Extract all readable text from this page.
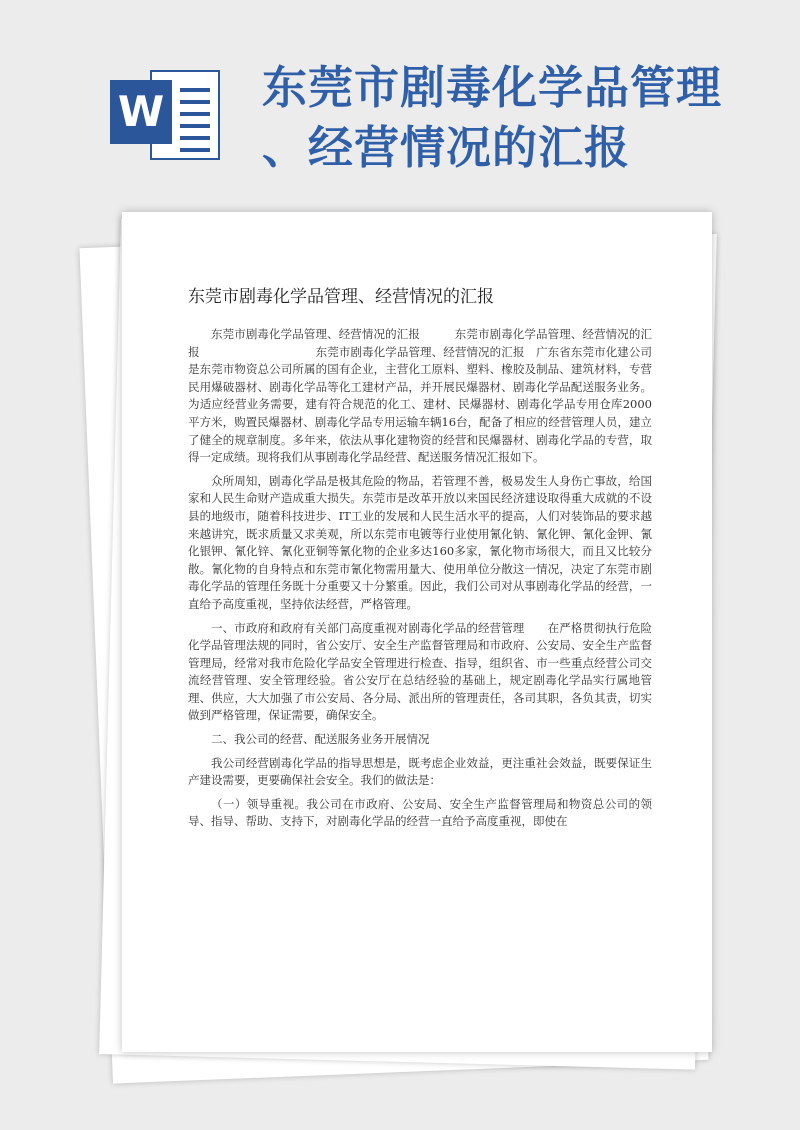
W 东莞市剧毒化学品管理
、经营情况的汇报
东莞市剧毒化学品管理、经营情况的汇报

东莞市剧毒化学品管理、经营情况的汇报　　　东莞市剧毒化学品管理、经营情况的汇报　　　　　　　　　　东莞市剧毒化学品管理、经营情况的汇报　广东省东莞市化建公司是东莞市物资总公司所属的国有企业，主营化工原料、塑料、橡胶及制品、建筑材料，专营民用爆破器材、剧毒化学品等化工建材产品，并开展民爆器材、剧毒化学品配送服务业务。为适应经营业务需要，建有符合规范的化工、建材、民爆器材、剧毒化学品专用仓库2000平方米，购置民爆器材、剧毒化学品专用运输车辆16台，配备了相应的经营管理人员，建立了健全的规章制度。多年来，依法从事化建物资的经营和民爆器材、剧毒化学品的专营，取得一定成绩。现将我们从事剧毒化学品经营、配送服务情况汇报如下。

众所周知，剧毒化学品是极其危险的物品，若管理不善，极易发生人身伤亡事故，给国家和人民生命财产造成重大损失。东莞市是改革开放以来国民经济建设取得重大成就的不设县的地级市，随着科技进步、IT工业的发展和人民生活水平的提高，人们对装饰品的要求越来越讲究，既求质量又求美观，所以东莞市电镀等行业使用氰化钠、氰化钾、氰化金钾、氰化银钾、氰化锌、氰化亚铜等氰化物的企业多达160多家，氰化物市场很大，而且又比较分散。氰化物的自身特点和东莞市氰化物需用量大、使用单位分散这一情况，决定了东莞市剧毒化学品的管理任务既十分重要又十分繁重。因此，我们公司对从事剧毒化学品的经营，一直给予高度重视，坚持依法经营，严格管理。

一、市政府和政府有关部门高度重视对剧毒化学品的经营管理　　在严格贯彻执行危险化学品管理法规的同时，省公安厅、安全生产监督管理局和市政府、公安局、安全生产监督管理局，经常对我市危险化学品安全管理进行检查、指导，组织省、市一些重点经营公司交流经营管理、安全管理经验。省公安厅在总结经验的基础上，规定剧毒化学品实行属地管理、供应，大大加强了市公安局、各分局、派出所的管理责任，各司其职，各负其责，切实做到严格管理，保证需要，确保安全。

二、我公司的经营、配送服务业务开展情况

我公司经营剧毒化学品的指导思想是，既考虑企业效益，更注重社会效益，既要保证生产建设需要，更要确保社会安全。我们的做法是：

（一）领导重视。我公司在市政府、公安局、安全生产监督管理局和物资总公司的领导、指导、帮助、支持下，对剧毒化学品的经营一直给予高度重视，即使在
